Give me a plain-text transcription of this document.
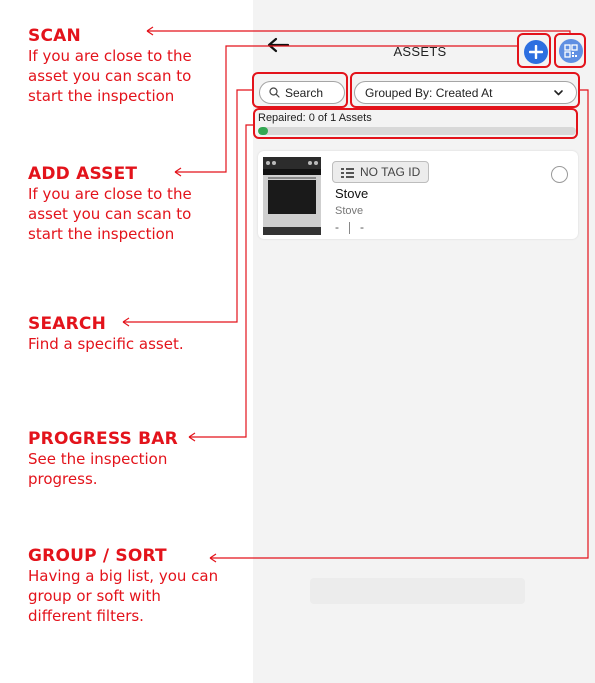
SCAN
If you are close to the asset you can scan to start the inspection
ADD ASSET
If you are close to the asset you can scan to start the inspection
SEARCH
Find a specific asset.
PROGRESS BAR
See the inspection progress.
GROUP / SORT
Having a big list, you can group or soft with different filters.
ASSETS
Search	Grouped By: Created At
Repaired: 0 of 1 Assets
NO TAG ID
Stove
Stove
- -
